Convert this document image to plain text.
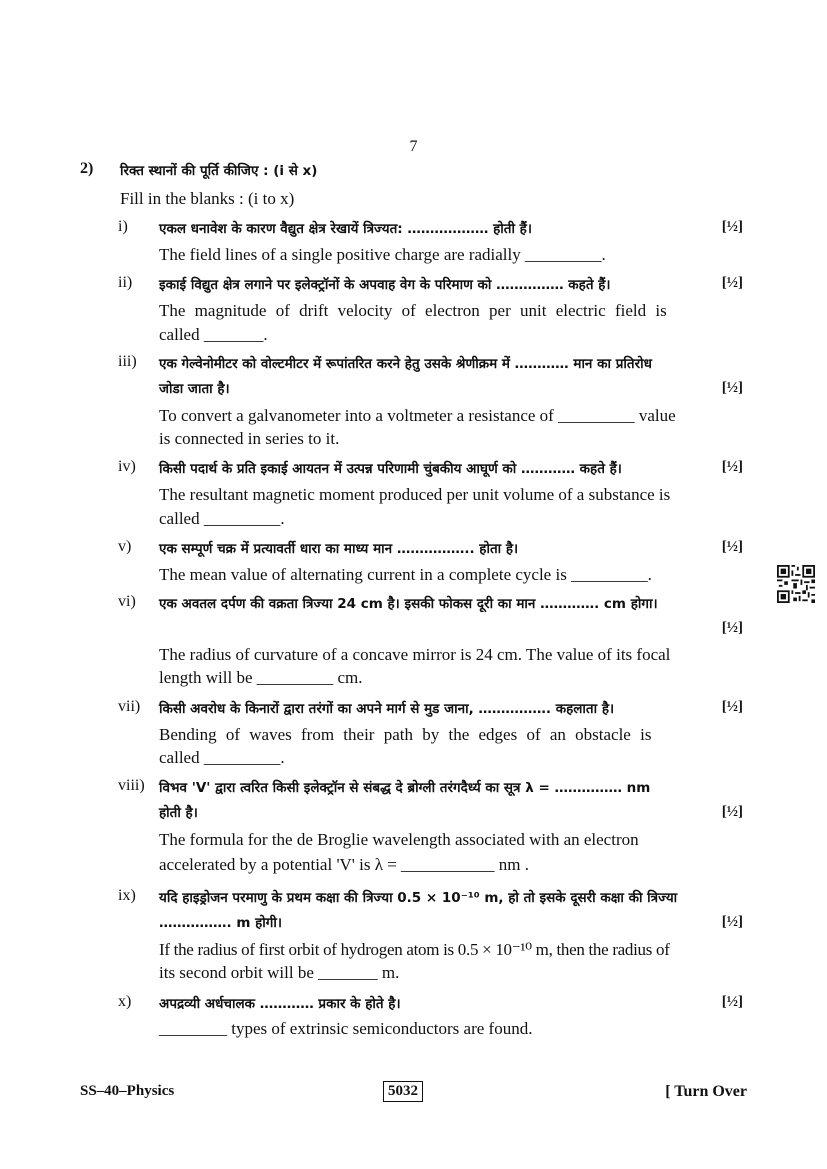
7
2) रिक्त स्थानों की पूर्ति कीजिए : (i से x)
Fill in the blanks : (i to x)
i) एकल धनावेश के कारण वैद्युत क्षेत्र रेखायें त्रिज्यत: ……………… होती हैं।	[½]
The field lines of a single positive charge are radially _________.
ii) इकाई विद्युत क्षेत्र लगाने पर इलेक्ट्रॉनों के अपवाह वेग के परिमाण को …………… कहते हैं।	[½]
The magnitude of drift velocity of electron per unit electric field is
called _______.
iii) एक गेल्वेनोमीटर को वोल्टमीटर में रूपांतरित करने हेतु उसके श्रेणीक्रम में ………… मान का प्रतिरोध
जोडा जाता है।	[½]
To convert a galvanometer into a voltmeter a resistance of _________ value
is connected in series to it.
iv) किसी पदार्थ के प्रति इकाई आयतन में उत्पन्न परिणामी चुंबकीय आघूर्ण को ………… कहते हैं।	[½]
The resultant magnetic moment produced per unit volume of a substance is
called _________.
v) एक सम्पूर्ण चक्र में प्रत्यावर्ती धारा का माध्य मान …………….. होता है।	[½]
The mean value of alternating current in a complete cycle is _________.
vi) एक अवतल दर्पण की वक्रता त्रिज्या 24 cm है। इसकी फोकस दूरी का मान …………. cm होगा।
[½]
The radius of curvature of a concave mirror is 24 cm. The value of its focal
length will be _________ cm.
vii) किसी अवरोध के किनारों द्वारा तरंगों का अपने मार्ग से मुड जाना, ……………. कहलाता है।	[½]
Bending of waves from their path by the edges of an obstacle is
called _________.
viii) विभव 'V' द्वारा त्वरित किसी इलेक्ट्रॉन से संबद्ध दे ब्रोग्ली तरंगदैर्ध्य का सूत्र λ = …………… nm
होती है।	[½]
The formula for the de Broglie wavelength associated with an electron
accelerated by a potential 'V' is λ = ___________ nm .
ix) यदि हाइड्रोजन परमाणु के प्रथम कक्षा की त्रिज्या 0.5 × 10⁻¹⁰ m, हो तो इसके दूसरी कक्षा की त्रिज्या
……………. m होगी।	[½]
If the radius of first orbit of hydrogen atom is 0.5 × 10⁻¹⁰ m, then the radius of
its second orbit will be _______ m.
x) अपद्रव्यी अर्धचालक ………… प्रकार के होते है।	[½]
________ types of extrinsic semiconductors are found.
SS–40–Physics	5032	[ Turn Over
